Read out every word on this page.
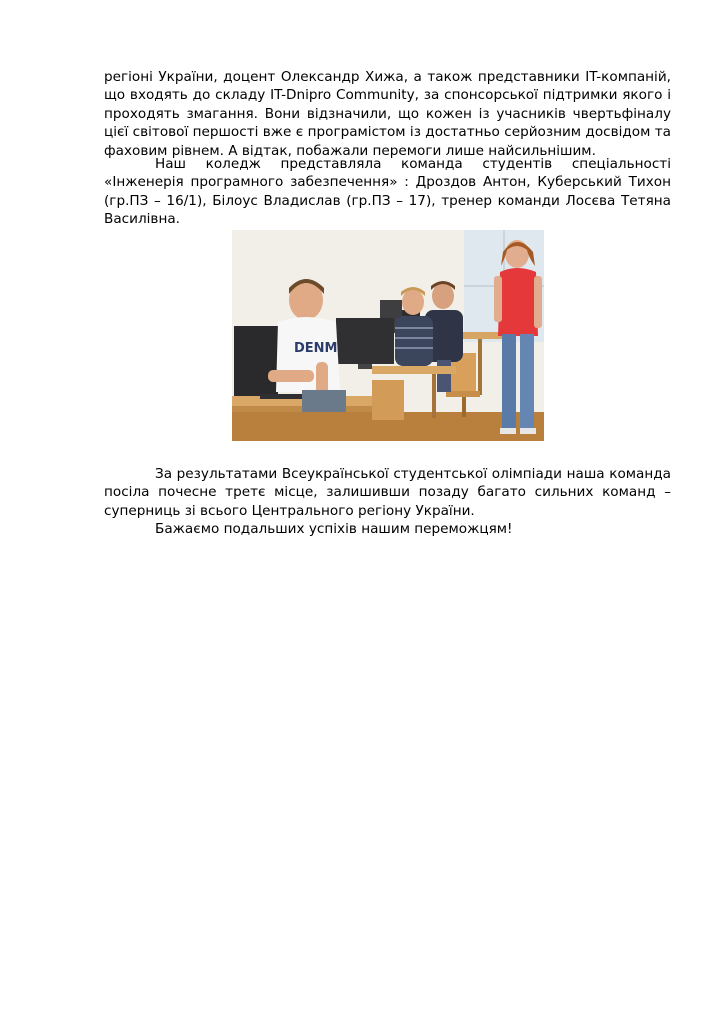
регіоні України, доцент Олександр Хижа, а також представники IT-компаній, що входять до складу IT-Dnipro Community, за спонсорської підтримки якого і проходять змагання. Вони відзначили, що кожен із учасників чвертьфіналу цієї світової першості вже є програмістом із достатньо серйозним досвідом та фаховим рівнем. А відтак, побажали перемоги лише найсильнішим.

Наш коледж представляла команда студентів спеціальності «Інженерія програмного забезпечення» : Дроздов Антон, Куберський Тихон (гр.ПЗ – 16/1), Білоус Владислав (гр.ПЗ – 17), тренер команди Лосєва Тетяна Василівна.

DENM

За результатами Всеукраїнської студентської олімпіади наша команда посіла почесне третє місце, залишивши позаду багато сильних команд – суперниць зі всього Центрального регіону України.

Бажаємо подальших успіхів нашим переможцям!
